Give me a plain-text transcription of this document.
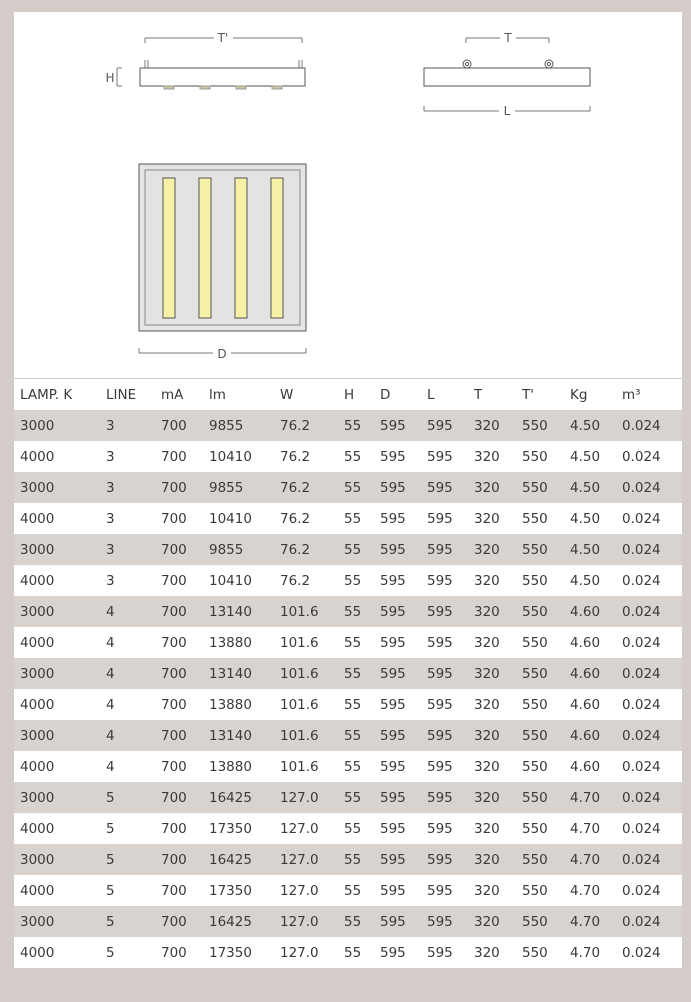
T'
H
T
L
D
LAMP. K	LINE	mA	lm	W	H	D	L	T	T'	Kg	m³
3000	3	700	9855	76.2	55	595	595	320	550	4.50	0.024
4000	3	700	10410	76.2	55	595	595	320	550	4.50	0.024
3000	3	700	9855	76.2	55	595	595	320	550	4.50	0.024
4000	3	700	10410	76.2	55	595	595	320	550	4.50	0.024
3000	3	700	9855	76.2	55	595	595	320	550	4.50	0.024
4000	3	700	10410	76.2	55	595	595	320	550	4.50	0.024
3000	4	700	13140	101.6	55	595	595	320	550	4.60	0.024
4000	4	700	13880	101.6	55	595	595	320	550	4.60	0.024
3000	4	700	13140	101.6	55	595	595	320	550	4.60	0.024
4000	4	700	13880	101.6	55	595	595	320	550	4.60	0.024
3000	4	700	13140	101.6	55	595	595	320	550	4.60	0.024
4000	4	700	13880	101.6	55	595	595	320	550	4.60	0.024
3000	5	700	16425	127.0	55	595	595	320	550	4.70	0.024
4000	5	700	17350	127.0	55	595	595	320	550	4.70	0.024
3000	5	700	16425	127.0	55	595	595	320	550	4.70	0.024
4000	5	700	17350	127.0	55	595	595	320	550	4.70	0.024
3000	5	700	16425	127.0	55	595	595	320	550	4.70	0.024
4000	5	700	17350	127.0	55	595	595	320	550	4.70	0.024
